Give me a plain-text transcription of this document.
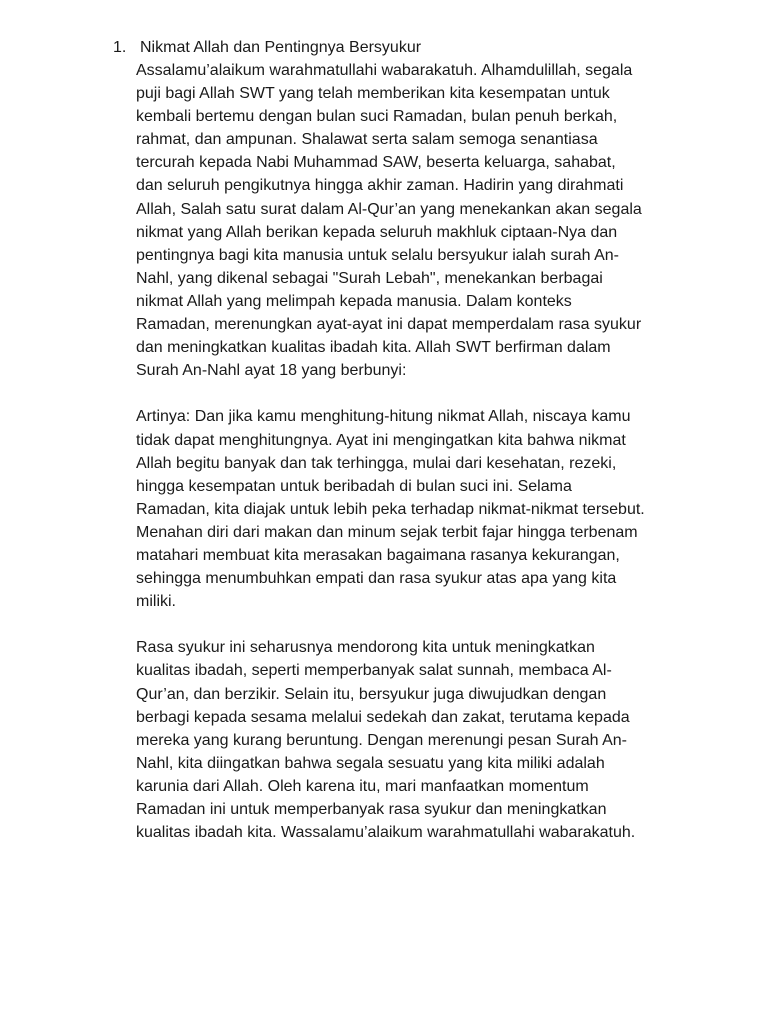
1. Nikmat Allah dan Pentingnya Bersyukur

Assalamu’alaikum warahmatullahi wabarakatuh. Alhamdulillah, segala
puji bagi Allah SWT yang telah memberikan kita kesempatan untuk
kembali bertemu dengan bulan suci Ramadan, bulan penuh berkah,
rahmat, dan ampunan. Shalawat serta salam semoga senantiasa
tercurah kepada Nabi Muhammad SAW, beserta keluarga, sahabat,
dan seluruh pengikutnya hingga akhir zaman. Hadirin yang dirahmati
Allah, Salah satu surat dalam Al-Qur’an yang menekankan akan segala
nikmat yang Allah berikan kepada seluruh makhluk ciptaan-Nya dan
pentingnya bagi kita manusia untuk selalu bersyukur ialah surah An-
Nahl, yang dikenal sebagai "Surah Lebah", menekankan berbagai
nikmat Allah yang melimpah kepada manusia. Dalam konteks
Ramadan, merenungkan ayat-ayat ini dapat memperdalam rasa syukur
dan meningkatkan kualitas ibadah kita. Allah SWT berfirman dalam
Surah An-Nahl ayat 18 yang berbunyi:

Artinya: Dan jika kamu menghitung-hitung nikmat Allah, niscaya kamu
tidak dapat menghitungnya. Ayat ini mengingatkan kita bahwa nikmat
Allah begitu banyak dan tak terhingga, mulai dari kesehatan, rezeki,
hingga kesempatan untuk beribadah di bulan suci ini. Selama
Ramadan, kita diajak untuk lebih peka terhadap nikmat-nikmat tersebut.
Menahan diri dari makan dan minum sejak terbit fajar hingga terbenam
matahari membuat kita merasakan bagaimana rasanya kekurangan,
sehingga menumbuhkan empati dan rasa syukur atas apa yang kita
miliki.

Rasa syukur ini seharusnya mendorong kita untuk meningkatkan
kualitas ibadah, seperti memperbanyak salat sunnah, membaca Al-
Qur’an, dan berzikir. Selain itu, bersyukur juga diwujudkan dengan
berbagi kepada sesama melalui sedekah dan zakat, terutama kepada
mereka yang kurang beruntung. Dengan merenungi pesan Surah An-
Nahl, kita diingatkan bahwa segala sesuatu yang kita miliki adalah
karunia dari Allah. Oleh karena itu, mari manfaatkan momentum
Ramadan ini untuk memperbanyak rasa syukur dan meningkatkan
kualitas ibadah kita. Wassalamu’alaikum warahmatullahi wabarakatuh.
